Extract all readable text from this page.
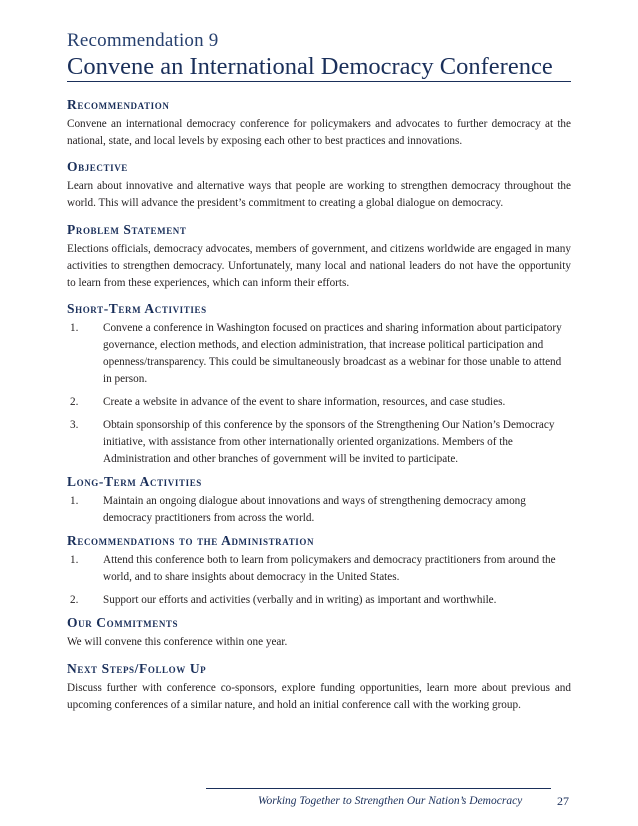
Recommendation 9
Convene an International Democracy Conference
Recommendation

Convene an international democracy conference for policymakers and advocates to further democracy at the national, state, and local levels by exposing each other to best practices and innovations.

Objective

Learn about innovative and alternative ways that people are working to strengthen democracy throughout the world. This will advance the president’s commitment to creating a global dialogue on democracy.

Problem Statement

Elections officials, democracy advocates, members of government, and citizens worldwide are engaged in many activities to strengthen democracy. Unfortunately, many local and national leaders do not have the opportunity to learn from these experiences, which can inform their efforts.

Short-Term Activities
1. Convene a conference in Washington focused on practices and sharing information about participatory governance, election methods, and election administration, that increase political participation and openness/transparency. This could be simultaneously broadcast as a webinar for those unable to attend in person.
2. Create a website in advance of the event to share information, resources, and case studies.
3. Obtain sponsorship of this conference by the sponsors of the Strengthening Our Nation’s Democracy initiative, with assistance from other internationally oriented organizations. Members of the Administration and other branches of government will be invited to participate.
Long-Term Activities
1. Maintain an ongoing dialogue about innovations and ways of strengthening democracy among democracy practitioners from across the world.
Recommendations to the Administration
1. Attend this conference both to learn from policymakers and democracy practitioners from around the world, and to share insights about democracy in the United States.
2. Support our efforts and activities (verbally and in writing) as important and worthwhile.
Our Commitments

We will convene this conference within one year.

Next Steps/Follow Up

Discuss further with conference co-sponsors, explore funding opportunities, learn more about previous and upcoming conferences of a similar nature, and hold an initial conference call with the working group.

Working Together to Strengthen Our Nation’s Democracy	27
